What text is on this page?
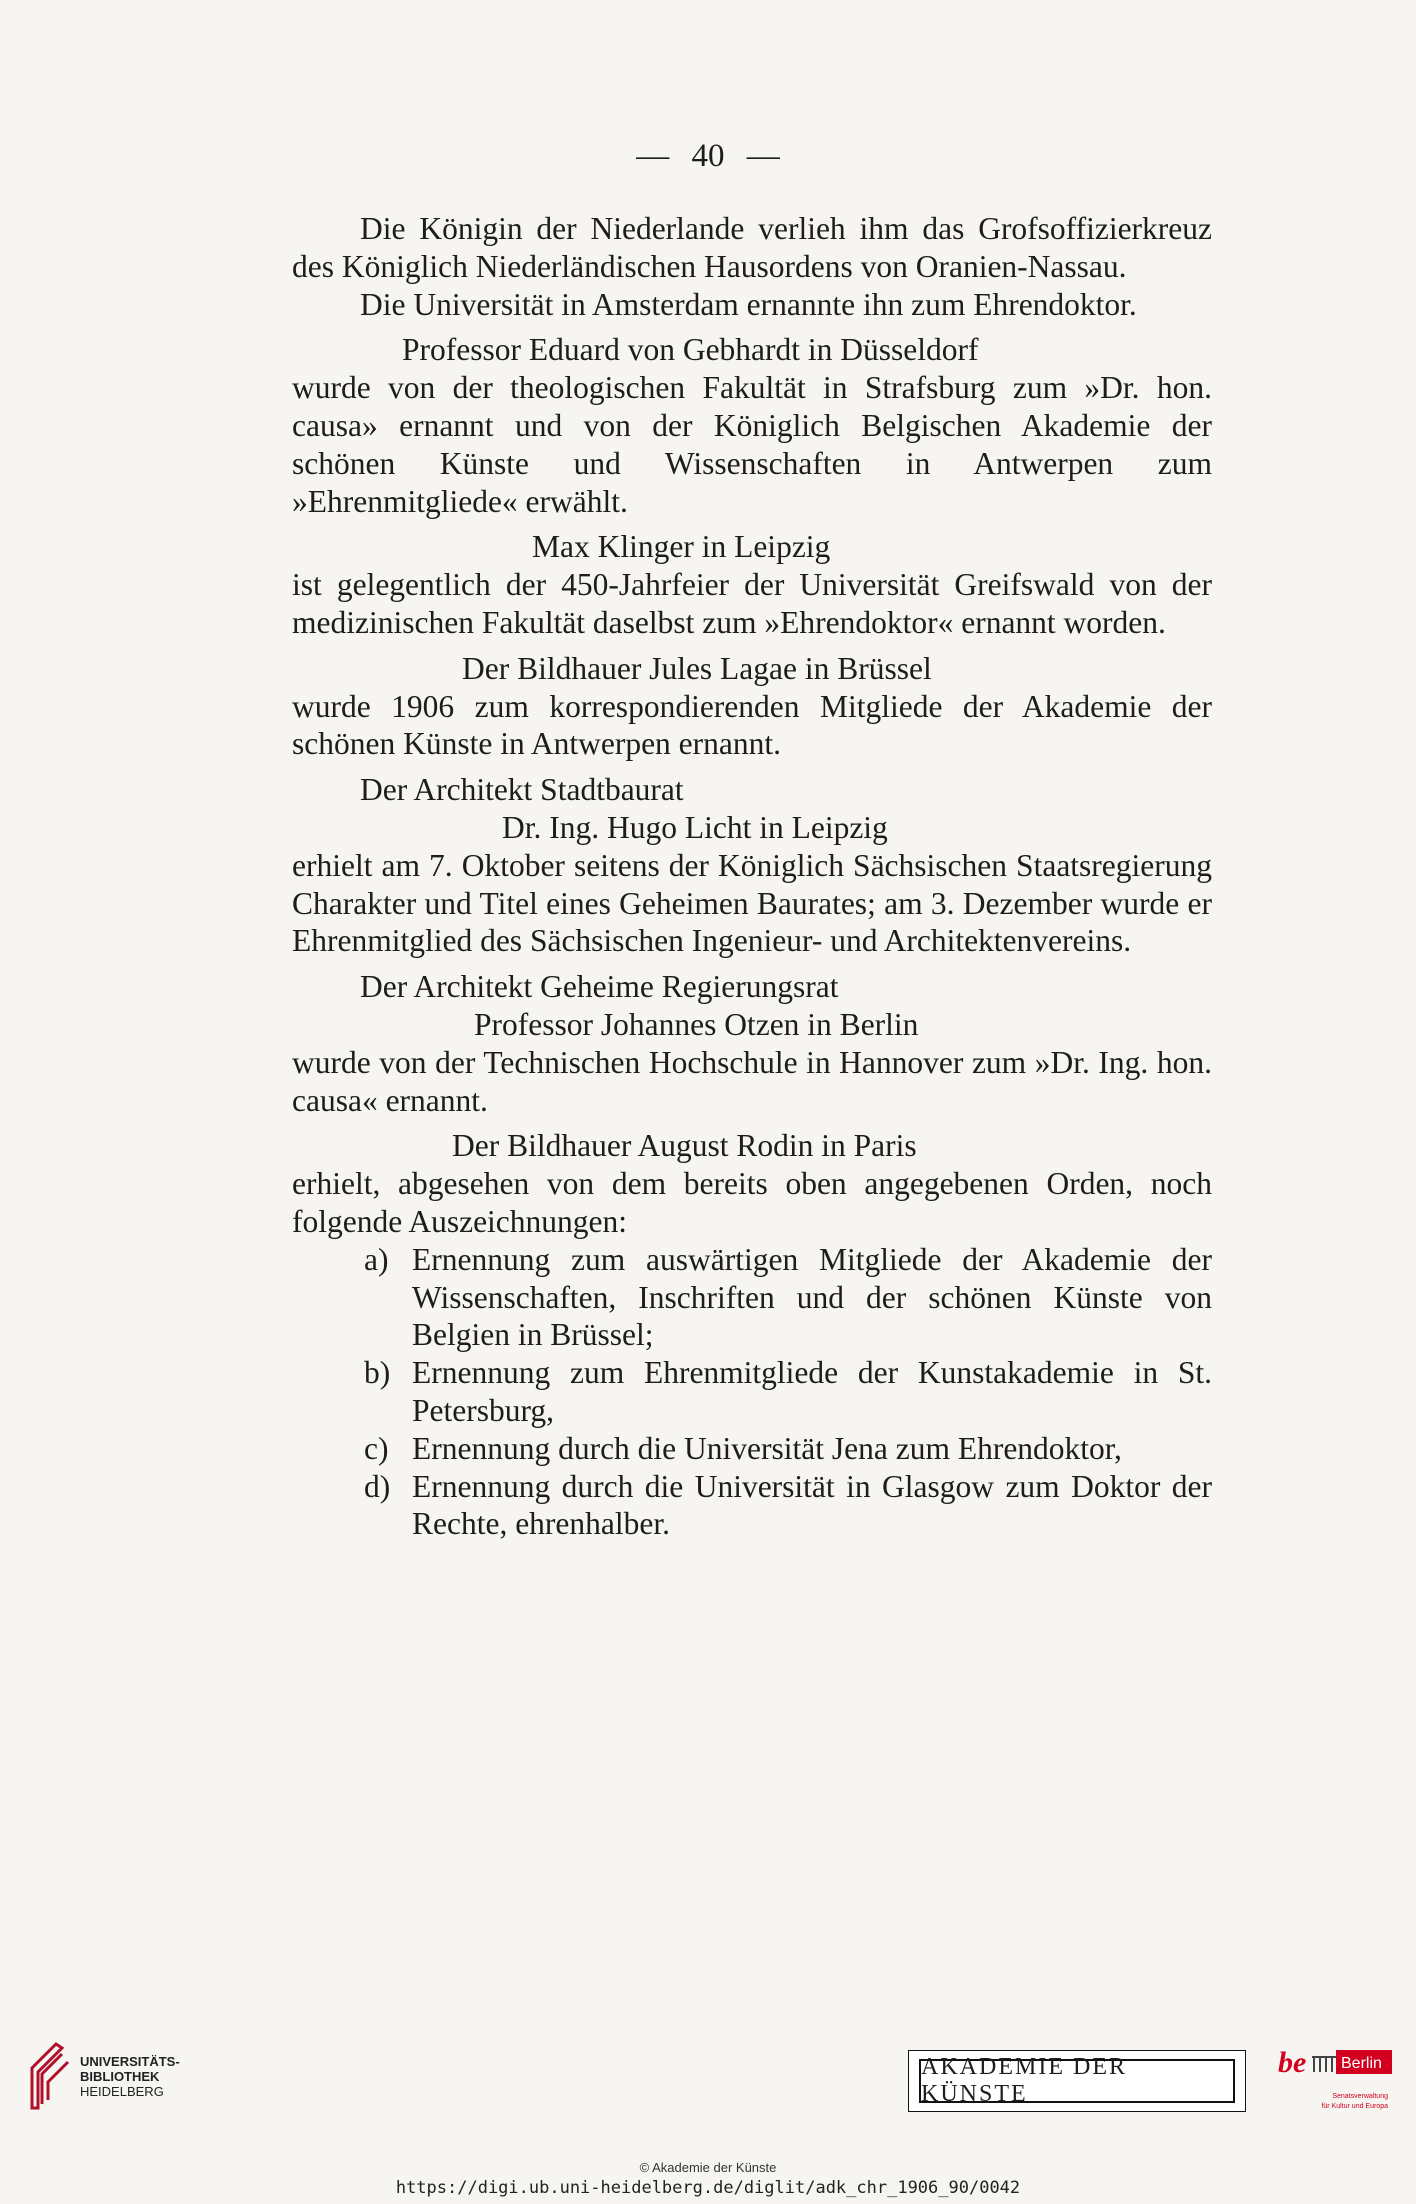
— 40 —

Die Königin der Niederlande verlieh ihm das Grofsoffizierkreuz des Königlich Niederländischen Hausordens von Oranien-Nassau.

Die Universität in Amsterdam ernannte ihn zum Ehrendoktor.

Professor Eduard von Gebhardt in Düsseldorf

wurde von der theologischen Fakultät in Strafsburg zum »Dr. hon. causa» ernannt und von der Königlich Belgischen Akademie der schönen Künste und Wissenschaften in Antwerpen zum »Ehrenmitgliede« erwählt.

Max Klinger in Leipzig

ist gelegentlich der 450-Jahrfeier der Universität Greifswald von der medizinischen Fakultät daselbst zum »Ehrendoktor« ernannt worden.

Der Bildhauer Jules Lagae in Brüssel

wurde 1906 zum korrespondierenden Mitgliede der Akademie der schönen Künste in Antwerpen ernannt.

Der Architekt Stadtbaurat

Dr. Ing. Hugo Licht in Leipzig

erhielt am 7. Oktober seitens der Königlich Sächsischen Staatsregierung Charakter und Titel eines Geheimen Baurates; am 3. Dezember wurde er Ehrenmitglied des Sächsischen Ingenieur- und Architektenvereins.

Der Architekt Geheime Regierungsrat

Professor Johannes Otzen in Berlin

wurde von der Technischen Hochschule in Hannover zum »Dr. Ing. hon. causa« ernannt.

Der Bildhauer August Rodin in Paris

erhielt, abgesehen von dem bereits oben angegebenen Orden, noch folgende Auszeichnungen:

a) Ernennung zum auswärtigen Mitgliede der Akademie der Wissenschaften, Inschriften und der schönen Künste von Belgien in Brüssel;
b) Ernennung zum Ehrenmitgliede der Kunstakademie in St. Petersburg,
c) Ernennung durch die Universität Jena zum Ehrendoktor,
d) Ernennung durch die Universität in Glasgow zum Doktor der Rechte, ehrenhalber.
UNIVERSITÄTS-
BIBLIOTHEK
HEIDELBERG
AKADEMIE DER KÜNSTE
be Berlin
Senatsverwaltung
für Kultur und Europa
© Akademie der Künste
https://digi.ub.uni-heidelberg.de/diglit/adk_chr_1906_90/0042
